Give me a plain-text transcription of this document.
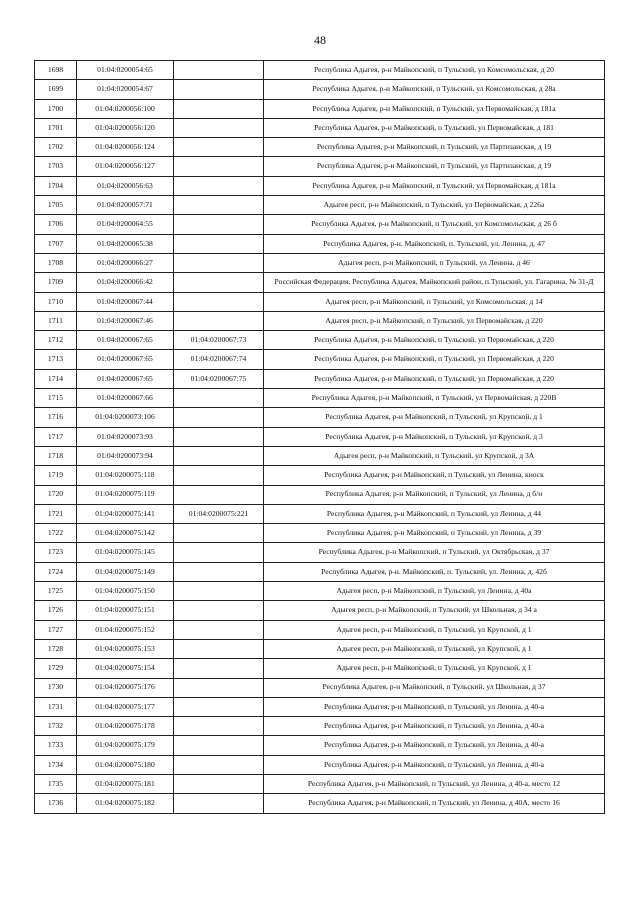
48
1698	01:04:0200054:65		Республика Адыгея, р-н Майкопский, п Тульский, ул Комсомольская, д 20
1699	01:04:0200054:67		Республика Адыгея, р-н Майкопский, п Тульский, ул Комсомольская, д 28а
1700	01:04:0200056:100		Республика Адыгея, р-н Майкопский, п Тульский, ул Первомайская, д 181а
1701	01:04:0200056:120		Республика Адыгея, р-н Майкопский, п Тульский, ул Первомайская, д 181
1702	01:04:0200056:124		Республика Адыгея, р-н Майкопский, п Тульский, ул Партизанская, д 19
1703	01:04:0200056:127		Республика Адыгея, р-н Майкопский, п Тульский, ул Партизанская, д 19
1704	01:04:0200056:63		Республика Адыгея, р-н Майкопский, п Тульский, ул Первомайская, д 181а
1705	01:04:0200057:71		Адыгея респ, р-н Майкопский, п Тульский, ул Первомайская, д 226а
1706	01:04:0200064:55		Республика Адыгея, р-н Майкопский, п Тульский, ул Комсомольская, д 26 б
1707	01:04:0200065:38		Республика Адыгея, р-н. Майкопский, п. Тульский, ул. Ленина, д. 47
1708	01:04:0200066:27		Адыгея респ, р-н Майкопский, п Тульский, ул Ленина, д 46
1709	01:04:0200066:42		Российская Федерация, Республика Адыгея, Майкопский район, п.Тульский, ул. Гагарина, № 31-Д
1710	01:04:0200067:44		Адыгея респ, р-н Майкопский, п Тульский, ул Комсомольская, д 14
1711	01:04:0200067:46		Адыгея респ, р-н Майкопский, п Тульский, ул Первомайская, д 220
1712	01:04:0200067:65	01:04:0200067:73	Республика Адыгея, р-н Майкопский, п Тульский, ул Первомайская, д 220
1713	01:04:0200067:65	01:04:0200067:74	Республика Адыгея, р-н Майкопский, п Тульский, ул Первомайская, д 220
1714	01:04:0200067:65	01:04:0200067:75	Республика Адыгея, р-н Майкопский, п Тульский, ул Первомайская, д 220
1715	01:04:0200067:66		Республика Адыгея, р-н Майкопский, п Тульский, ул Первомайская, д 220В
1716	01:04:0200073:106		Республика Адыгея, р-н Майкопский, п Тульский, ул Крупской, д 1
1717	01:04:0200073:93		Республика Адыгея, р-н Майкопский, п Тульский, ул Крупской, д 3
1718	01:04:0200073:94		Адыгея респ, р-н Майкопский, п Тульский, ул Крупской, д 3А
1719	01:04:0200075:118		Республика Адыгея, р-н Майкопский, п Тульский, ул Ленина, киоск
1720	01:04:0200075:119		Республика Адыгея, р-н Майкопский, п Тульский, ул Ленина, д б/н
1721	01:04:0200075:141	01:04:0200075:221	Республика Адыгея, р-н Майкопский, п Тульский, ул Ленина, д 44
1722	01:04:0200075:142		Республика Адыгея, р-н Майкопский, п Тульский, ул Ленина, д 39
1723	01:04:0200075:145		Республика Адыгея, р-н Майкопский, п Тульский, ул Октябрьская, д 37
1724	01:04:0200075:149		Республика Адыгея, р-н. Майкопский, п. Тульский, ул. Ленина, д. 42б
1725	01:04:0200075:150		Адыгея респ, р-н Майкопский, п Тульский, ул Ленина, д 40а
1726	01:04:0200075:151		Адыгея респ, р-н Майкопский, п Тульский, ул Школьная, д 34 а
1727	01:04:0200075:152		Адыгея респ, р-н Майкопский, п Тульский, ул Крупской, д 1
1728	01:04:0200075:153		Адыгея респ, р-н Майкопский, п Тульский, ул Крупской, д 1
1729	01:04:0200075:154		Адыгея респ, р-н Майкопский, п Тульский, ул Крупской, д 1
1730	01:04:0200075:176		Республика Адыгея, р-н Майкопский, п Тульский, ул Школьная, д 37
1731	01:04:0200075:177		Республика Адыгея, р-н Майкопский, п Тульский, ул Ленина, д 40-а
1732	01:04:0200075:178		Республика Адыгея, р-н Майкопский, п Тульский, ул Ленина, д 40-а
1733	01:04:0200075:179		Республика Адыгея, р-н Майкопский, п Тульский, ул Ленина, д 40-а
1734	01:04:0200075:180		Республика Адыгея, р-н Майкопский, п Тульский, ул Ленина, д 40-а
1735	01:04:0200075:181		Республика Адыгея, р-н Майкопский, п Тульский, ул Ленина, д 40-а, место 12
1736	01:04:0200075:182		Республика Адыгея, р-н Майкопский, п Тульский, ул Ленина, д 40А, место 16
